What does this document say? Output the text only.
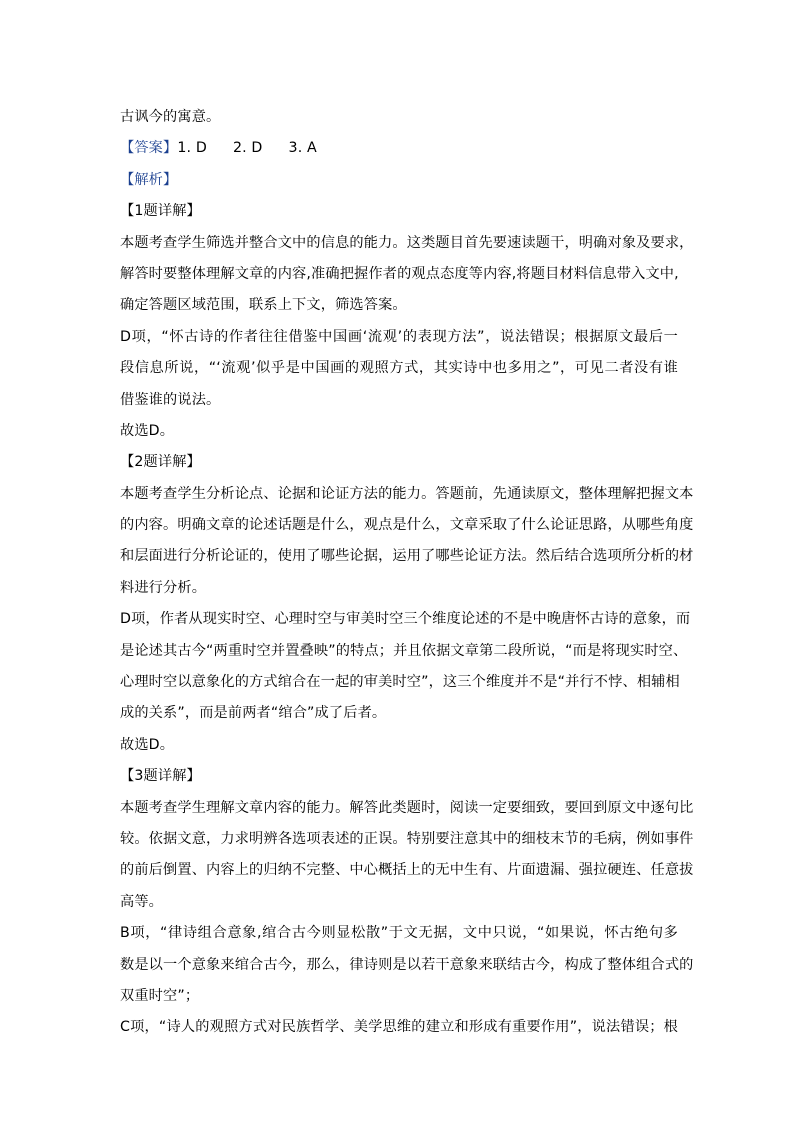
古讽今的寓意。
【答案】1. D 2. D 3. A
【解析】
【1题详解】
本题考查学生筛选并整合文中的信息的能力。这类题目首先要速读题干，明确对象及要求，
解答时要整体理解文章的内容,准确把握作者的观点态度等内容,将题目材料信息带入文中,
确定答题区域范围，联系上下文，筛选答案。
D项，“怀古诗的作者往往借鉴中国画‘流观’的表现方法”，说法错误；根据原文最后一
段信息所说，“‘流观’似乎是中国画的观照方式，其实诗中也多用之”，可见二者没有谁
借鉴谁的说法。
故选D。
【2题详解】
本题考查学生分析论点、论据和论证方法的能力。答题前，先通读原文，整体理解把握文本
的内容。明确文章的论述话题是什么，观点是什么，文章采取了什么论证思路，从哪些角度
和层面进行分析论证的，使用了哪些论据，运用了哪些论证方法。然后结合选项所分析的材
料进行分析。
D项，作者从现实时空、心理时空与审美时空三个维度论述的不是中晚唐怀古诗的意象，而
是论述其古今“两重时空并置叠映”的特点；并且依据文章第二段所说，“而是将现实时空、
心理时空以意象化的方式绾合在一起的审美时空”，这三个维度并不是“并行不悖、相辅相
成的关系”，而是前两者“绾合”成了后者。
故选D。
【3题详解】
本题考查学生理解文章内容的能力。解答此类题时，阅读一定要细致，要回到原文中逐句比
较。依据文意，力求明辨各选项表述的正误。特别要注意其中的细枝末节的毛病，例如事件
的前后倒置、内容上的归纳不完整、中心概括上的无中生有、片面遗漏、强拉硬连、任意拔
高等。
B项，“律诗组合意象,绾合古今则显松散”于文无据，文中只说，“如果说，怀古绝句多
数是以一个意象来绾合古今，那么，律诗则是以若干意象来联结古今，构成了整体组合式的
双重时空”；
C项，“诗人的观照方式对民族哲学、美学思维的建立和形成有重要作用”，说法错误；根
